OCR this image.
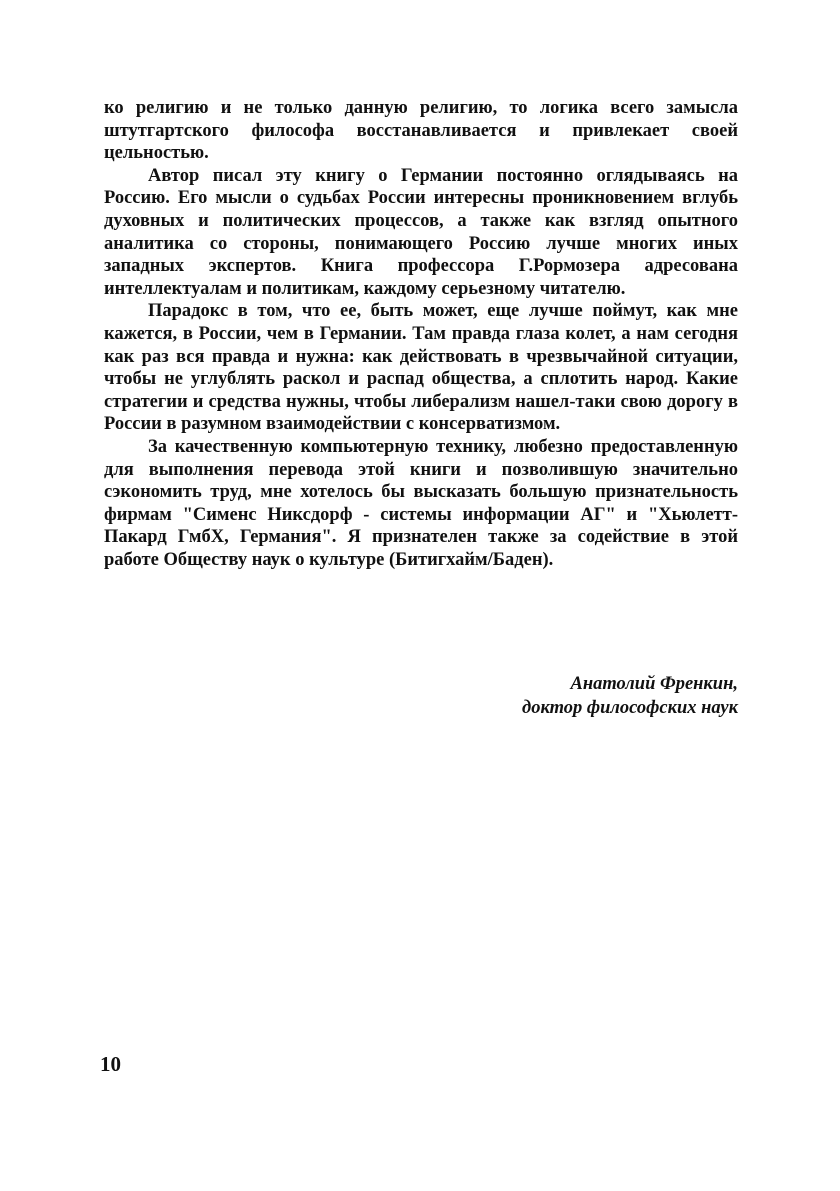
ко религию и не только данную религию, то логика всего замысла штутгартского философа восстанавливается и привлекает своей цельностью.

Автор писал эту книгу о Германии постоянно оглядываясь на Россию. Его мысли о судьбах России интересны проникновением вглубь духовных и политических процессов, а также как взгляд опытного аналитика со стороны, понимающего Россию лучше многих иных западных экспертов. Книга профессора Г.Рормозера адресована интеллектуалам и политикам, каждому серьезному читателю.

Парадокс в том, что ее, быть может, еще лучше поймут, как мне кажется, в России, чем в Германии. Там правда глаза колет, а нам сегодня как раз вся правда и нужна: как действовать в чрезвычайной ситуации, чтобы не углублять раскол и распад общества, а сплотить народ. Какие стратегии и средства нужны, чтобы либерализм нашел-таки свою дорогу в России в разумном взаимодействии с консерватизмом.

За качественную компьютерную технику, любезно предоставленную для выполнения перевода этой книги и позволившую значительно сэкономить труд, мне хотелось бы высказать большую признательность фирмам "Сименс Никсдорф - системы информации АГ" и "Хьюлетт-Пакард ГмбХ, Германия". Я признателен также за содействие в этой работе Обществу наук о культуре (Битигхайм/Баден).

Анатолий Френкин,
доктор философских наук
10
